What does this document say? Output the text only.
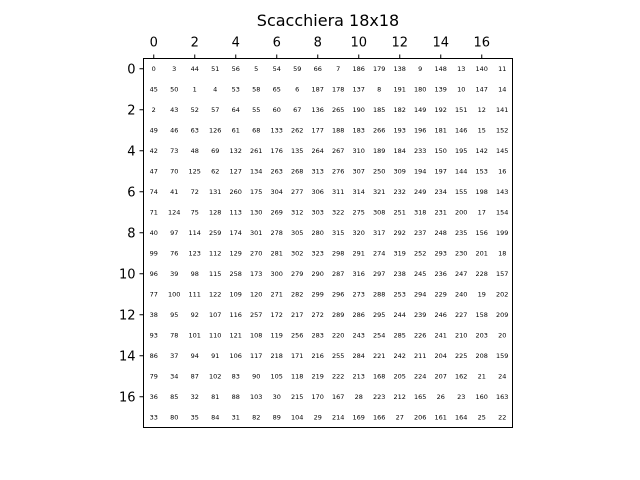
Scacchiera 18x18
0	3 44 51 56 5 54 59 66 7 186 179 138 9 148 13 140 11
45 50 1	4 53 58 65 6 187 178 137 8 191 180 139 10 147 14
2 43 52 57 64 55 60 67 136 265 190 185 182 149 192 151 12 141
49 46 63 126 61 68 133 262 177 188 183 266 193 196 181 146 15 152
42 73 48 69 132 261 176 135 264 267 310 189 184 233 150 195 142 145
47 70 125 62 127 134 263 268 313 276 307 250 309 194 197 144 153 16
74 41 72 131 260 175 304 277 306 311 314 321 232 249 234 155 198 143
71 124 75 128 113 130 269 312 303 322 275 308 251 318 231 200 17 154
40 97 114 259 174 301 278 305 280 315 320 317 292 237 248 235 156 199
99 76 123 112 129 270 281 302 323 298 291 274 319 252 293 230 201 18
96 39 98 115 258 173 300 279 290 287 316 297 238 245 236 247 228 157
77 100 111 122 109 120 271 282 299 296 273 288 253 294 229 240 19 202
38 95 92 107 116 257 172 217 272 289 286 295 244 239 246 227 158 209
93 78 101 110 121 108 119 256 283 220 243 254 285 226 241 210 203 20
86 37 94 91 106 117 218 171 216 255 284 221 242 211 204 225 208 159
79 34 87 102 83 90 105 118 219 222 213 168 205 224 207 162 21 24
36 85 32 81 88 103 30 215 170 167 28 223 212 165 26 23 160 163
33 80 35 84 31 82 89 104 29 214 169 166 27 206 161 164 25 22
0	2	4	6	8 10 12 14 16
0
2
4
6
8
10
12
14
16
